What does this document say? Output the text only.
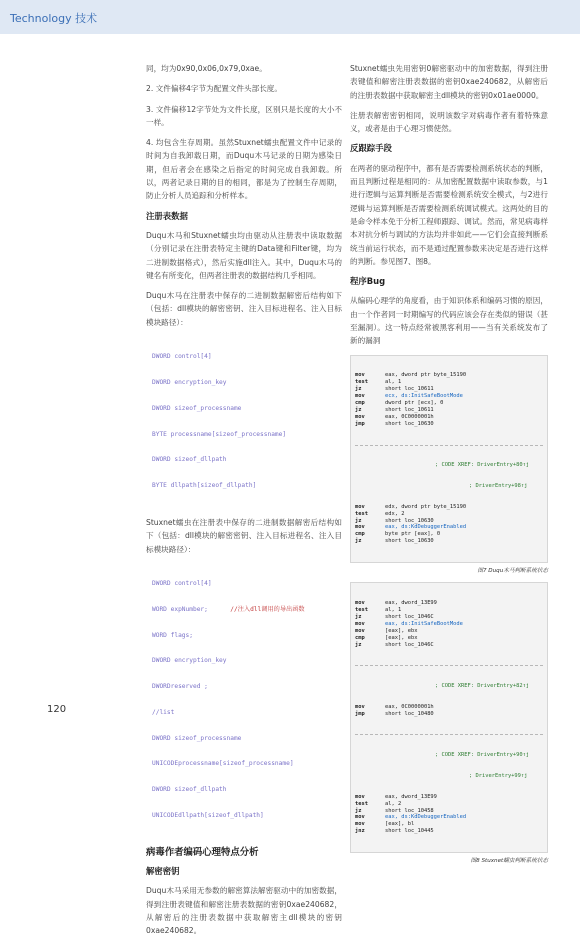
Technology 技术

同，均为0x90,0x06,0x79,0xae。

2. 文件偏移4字节为配置文件头部长度。

3. 文件偏移12字节处为文件长度，区别只是长度的大小不一样。

4. 均包含生存周期。虽然Stuxnet蠕虫配置文件中记录的时间为自我卸载日期，而Duqu木马记录的日期为感染日期，但后者会在感染之后指定的时间完成自我卸载。所以，两者记录日期的目的相同，都是为了控制生存周期，防止分析人员追踪和分析样本。

注册表数据

Duqu木马和Stuxnet蠕虫均由驱动从注册表中读取数据（分别记录在注册表特定主键的Data键和Filter键，均为二进制数据格式），然后实施dll注入。其中，Duqu木马的键名有所变化，但两者注册表的数据结构几乎相同。

Duqu木马在注册表中保存的二进制数据解密后结构如下（包括：dll模块的解密密钥、注入目标进程名、注入目标模块路径）：

DWORD control[4]

DWORD encryption_key

DWORD sizeof_processname

BYTE processname[sizeof_processname]

DWORD sizeof_dllpath

BYTE dllpath[sizeof_dllpath]

Stuxnet蠕虫在注册表中保存的二进制数据解密后结构如下（包括：dll模块的解密密钥、注入目标进程名、注入目标模块路径）：

DWORD control[4]

WORD expNumber;	//注入dll调用的导出函数

WORD flags;

DWORD encryption_key

DWORDreserved ;

//list

DWORD sizeof_processname

UNICODEprocessname[sizeof_processname]

DWORD sizeof_dllpath

UNICODEdllpath[sizeof_dllpath]

病毒作者编码心理特点分析
解密密钥

Duqu木马采用无参数的解密算法解密驱动中的加密数据，得到注册表键值和解密注册表数据的密钥0xae240682，从解密后的注册表数据中获取解密主dll模块的密钥0xae240682。

Stuxnet蠕虫先用密钥0解密驱动中的加密数据，得到注册表键值和解密注册表数据的密钥0xae240682，从解密后的注册表数据中获取解密主dll模块的密钥0x01ae0000。

注册表解密密钥相同，说明该数字对病毒作者有着特殊意义，或者是由于心理习惯使然。

反跟踪手段

在两者的驱动程序中，都有是否需要检测系统状态的判断，而且判断过程是相同的：从加密配置数据中读取参数，与1进行逻辑与运算判断是否需要检测系统安全模式，与2进行逻辑与运算判断是否需要检测系统调试模式。这两处的目的是命令样本免于分析工程师跟踪、调试。然而，常见病毒样本对抗分析与调试的方法均并非如此——它们会直接判断系统当前运行状态，而不是通过配置参数来决定是否进行这样的判断。参见图7、图8。

程序Bug

从编码心理学的角度看，由于知识体系和编码习惯的原因，由一个作者同一时期编写的代码应该会存在类似的错误（甚至漏洞）。这一特点经常被黑客利用——当有关系统发布了新的漏洞

mov	eax, dword ptr byte_15190
test	al, 1
jz	short loc_10611
mov	ecx, ds:InitSafeBootMode
cmp	dword ptr [ecx], 0
jz	short loc_10611
mov	eax, 0C0000001h
jmp	short loc_10630

; CODE XREF: DriverEntry+80↑j

; DriverEntry+98↑j

mov	edx, dword ptr byte_15190
test	edx, 2
jz	short loc_10630
mov	eax, ds:KdDebuggerEnabled
cmp	byte ptr [eax], 0
jz	short loc_10630

图7 Duqu木马判断系统状态

mov	eax, dword_13E99
test	al, 1
jz	short loc_1046C
mov	eax, ds:InitSafeBootMode
mov	[eax], ebx
cmp	[eax], ebx
jz	short loc_1046C

; CODE XREF: DriverEntry+82↑j

mov	eax, 0C0000001h
jmp	short loc_10480

; CODE XREF: DriverEntry+90↑j

; DriverEntry+99↑j

mov	eax, dword_13E99
test	al, 2
jz	short loc_10458
mov	eax, ds:KdDebuggerEnabled
mov	[eax], bl
jnz	short loc_10445

图8 Stuxnet蠕虫判断系统状态
120
